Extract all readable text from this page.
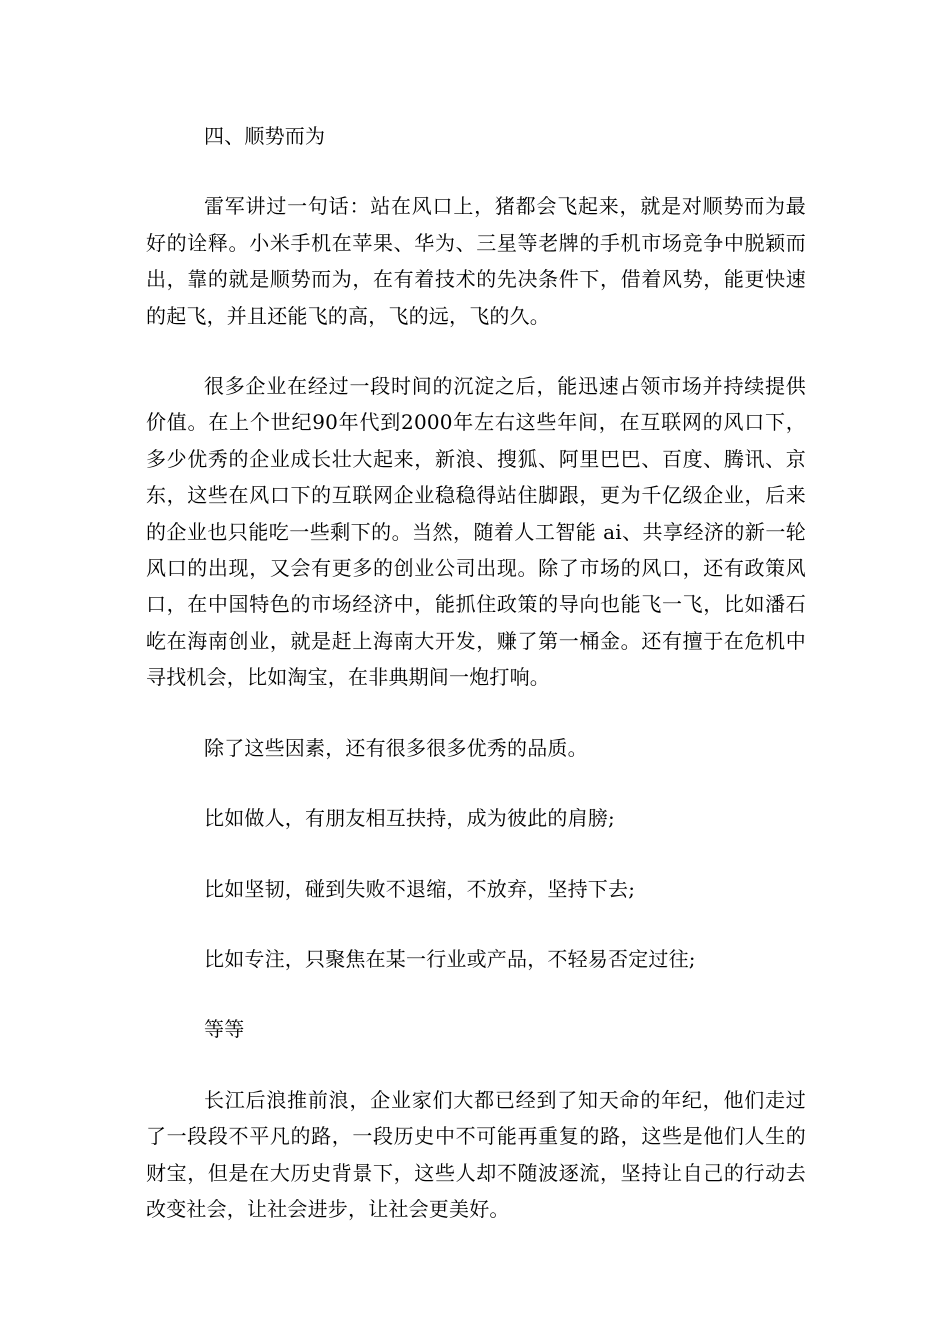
四、顺势而为

雷军讲过一句话：站在风口上，猪都会飞起来，就是对顺势而为最好的诠释。小米手机在苹果、华为、三星等老牌的手机市场竞争中脱颖而出，靠的就是顺势而为，在有着技术的先决条件下，借着风势，能更快速的起飞，并且还能飞的高，飞的远，飞的久。

很多企业在经过一段时间的沉淀之后，能迅速占领市场并持续提供价值。在上个世纪90年代到2000年左右这些年间，在互联网的风口下，多少优秀的企业成长壮大起来，新浪、搜狐、阿里巴巴、百度、腾讯、京东，这些在风口下的互联网企业稳稳得站住脚跟，更为千亿级企业，后来的企业也只能吃一些剩下的。当然，随着人工智能 ai、共享经济的新一轮风口的出现，又会有更多的创业公司出现。除了市场的风口，还有政策风口，在中国特色的市场经济中，能抓住政策的导向也能飞一飞，比如潘石屹在海南创业，就是赶上海南大开发，赚了第一桶金。还有擅于在危机中寻找机会，比如淘宝，在非典期间一炮打响。

除了这些因素，还有很多很多优秀的品质。

比如做人，有朋友相互扶持，成为彼此的肩膀;

比如坚韧，碰到失败不退缩，不放弃，坚持下去;

比如专注，只聚焦在某一行业或产品，不轻易否定过往;

等等

长江后浪推前浪，企业家们大都已经到了知天命的年纪，他们走过了一段段不平凡的路，一段历史中不可能再重复的路，这些是他们人生的财宝，但是在大历史背景下，这些人却不随波逐流，坚持让自己的行动去改变社会，让社会进步，让社会更美好。
